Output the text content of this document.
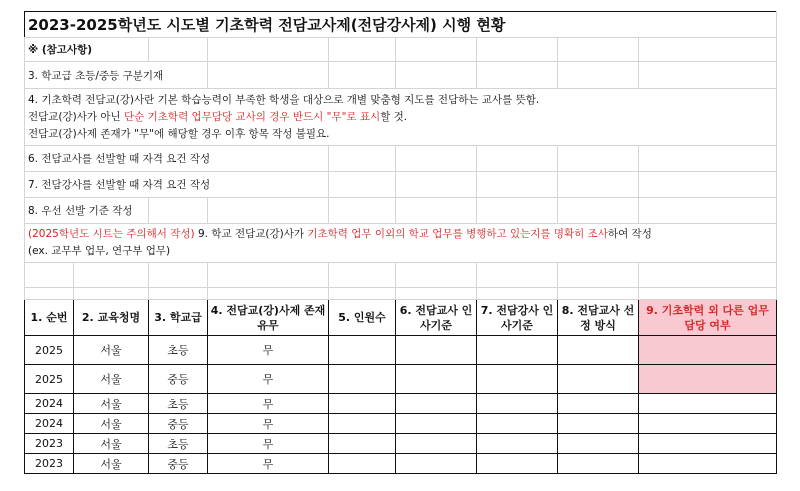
2023-2025학년도 시도별 기초학력 전담교사제(전담강사제) 시행 현황								
※ (참고사항)								
3. 학교급 초등/중등 구분기재								

4. 기초학력 전담교(강)사란 기본 학습능력이 부족한 학생을 대상으로 개별 맞춤형 지도를 전담하는 교사를 뜻함.
전담교(강)사가 아닌 단순 기초학력 업무담당 교사의 경우 반드시 "무"로 표시할 것.
전담교(강)사제 존재가 "무"에 해당할 경우 이후 항목 작성 불필요.								

6. 전담교사를 선발할 때 자격 요건 작성								
7. 전담강사를 선발할 때 자격 요건 작성								
8. 우선 선발 기준 작성								

(2025학년도 시트는 주의해서 작성) 9. 학교 전담교(강)사가 기초학력 업무 이외의 학교 업무를 병행하고 있는지를 명확히 조사하여 작성
(ex. 교무부 업무, 연구부 업무)								

1. 순번	2. 교육청명	3. 학교급	4. 전담교(강)사제 존재 유무	5. 인원수	6. 전담교사 인사기준	7. 전담강사 인사기준	8. 전담교사 선정 방식	9. 기초학력 외 다른 업무 담당 여부
2025	서울	초등	무					
2025	서울	중등	무					
2024	서울	초등	무					
2024	서울	중등	무					
2023	서울	초등	무					
2023	서울	중등	무					
